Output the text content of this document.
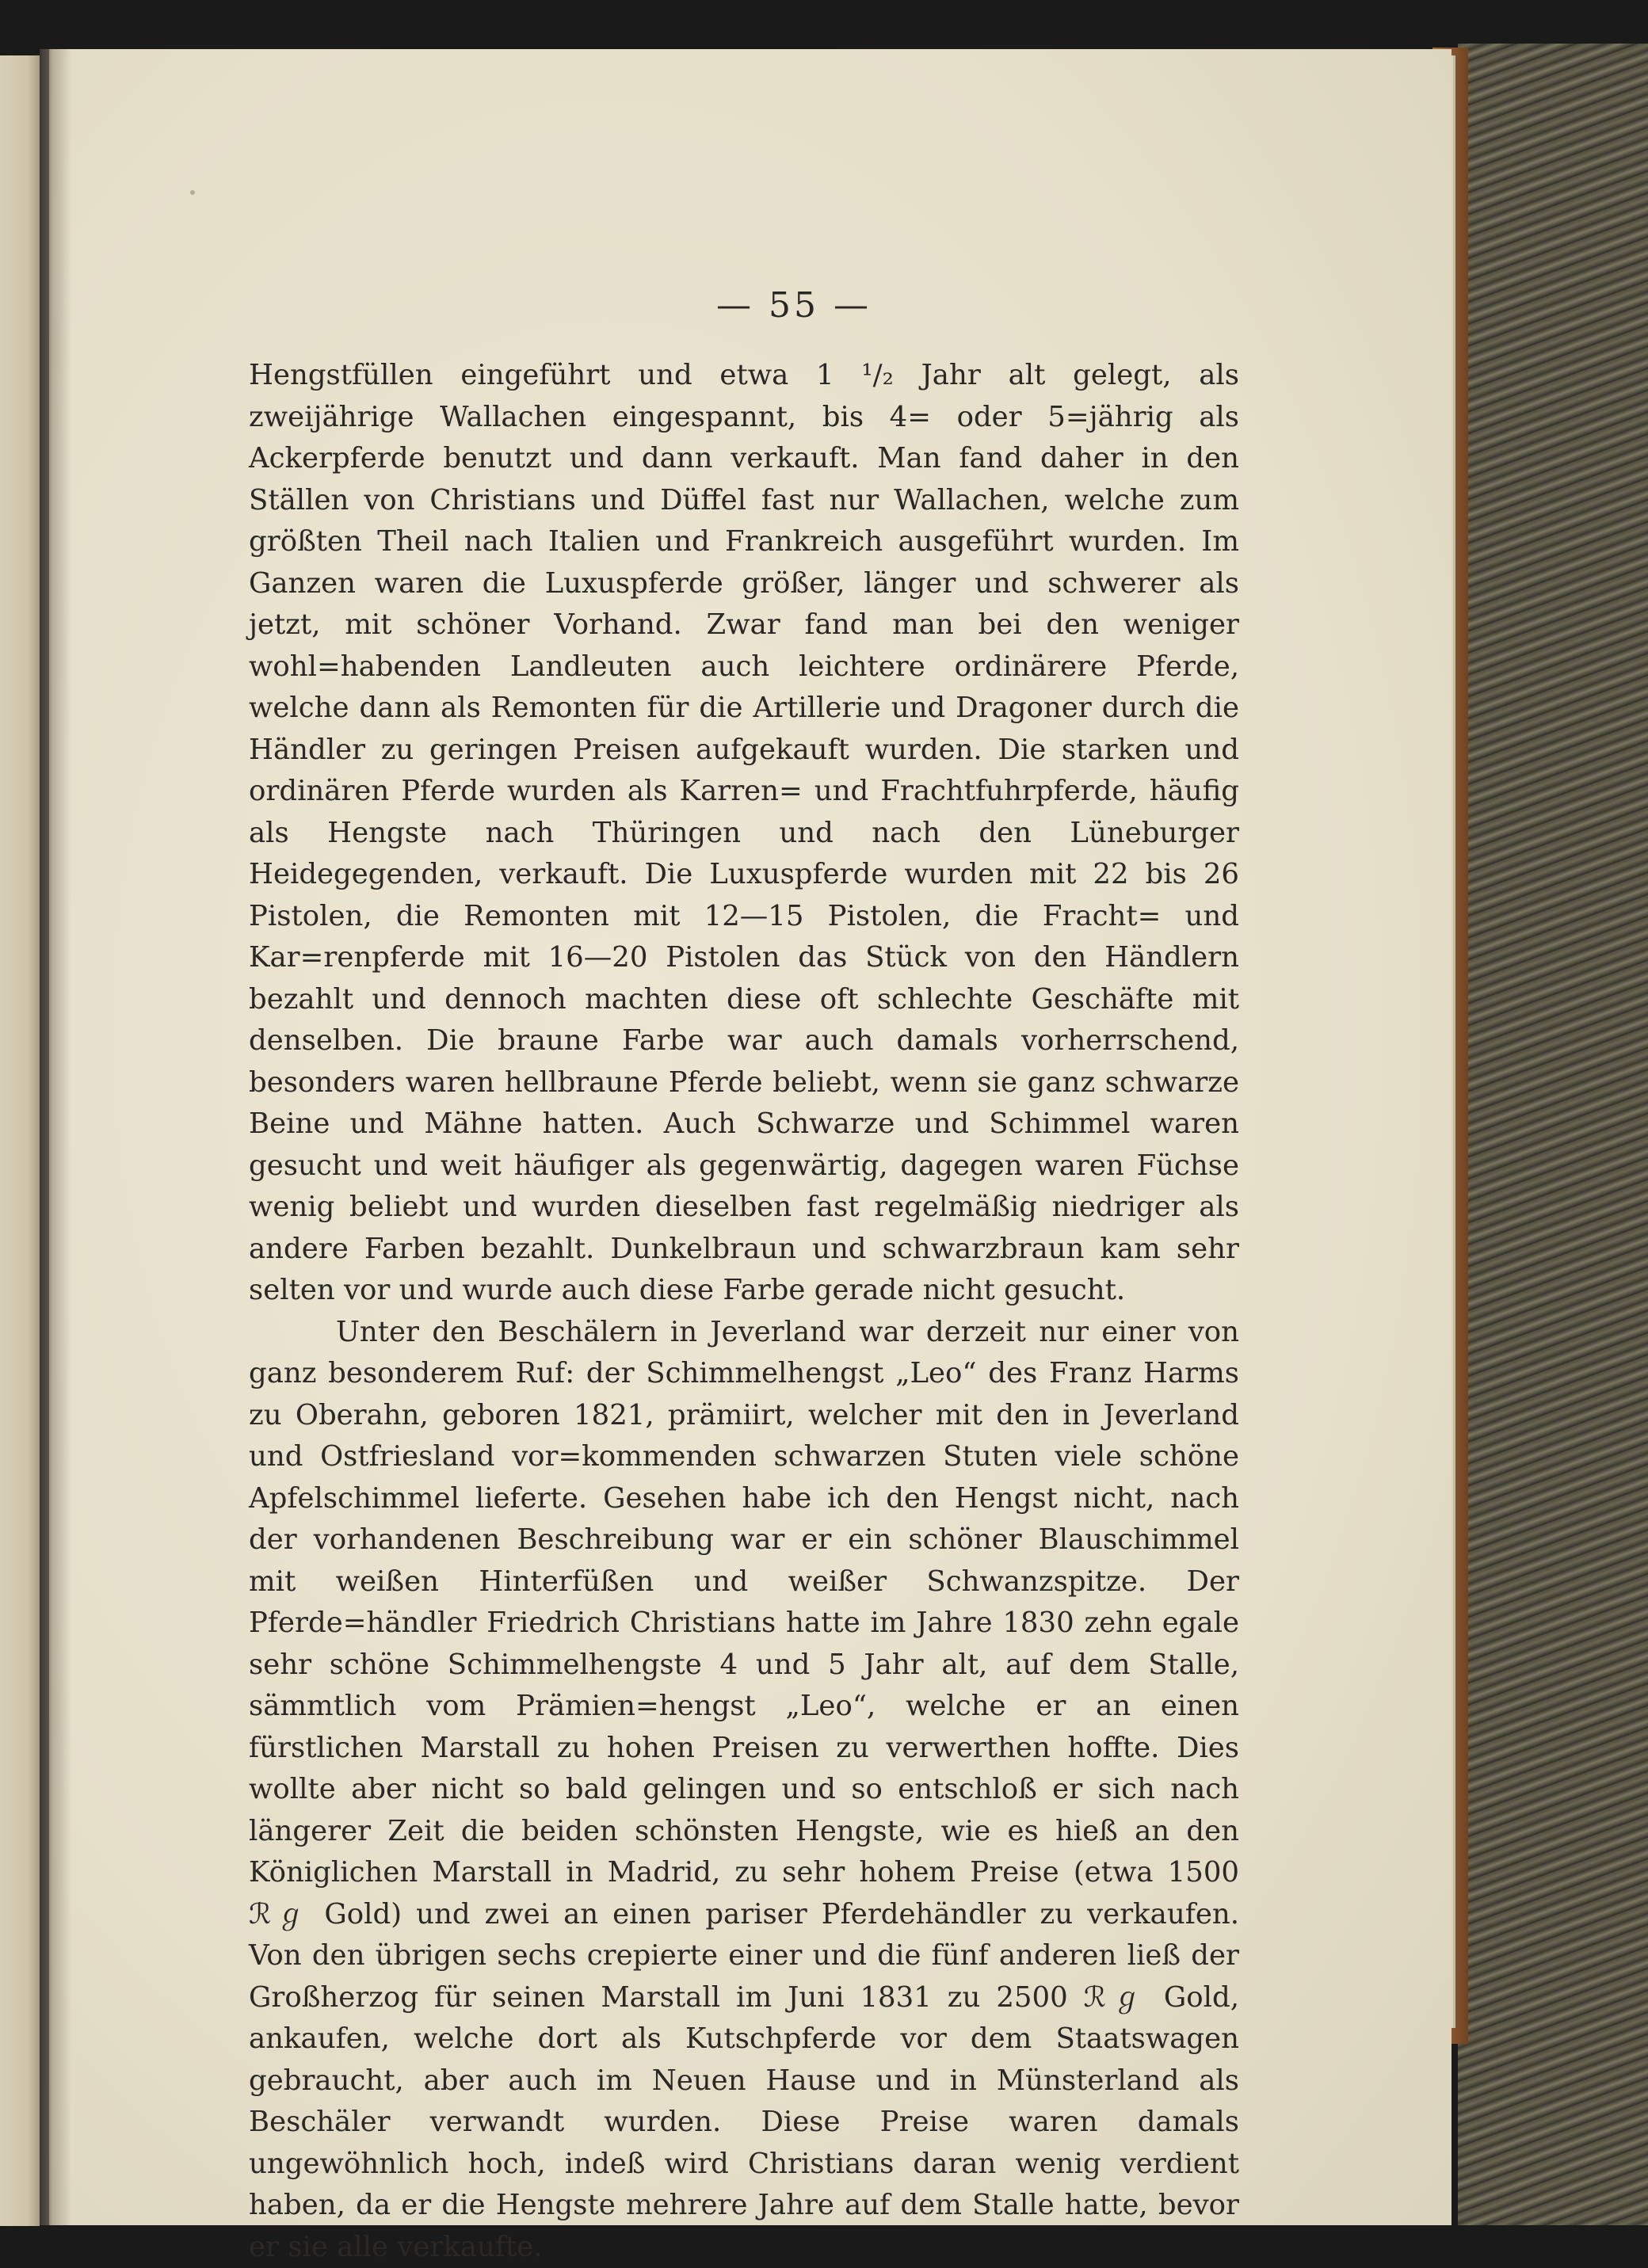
— 55 —

Hengstfüllen eingeführt und etwa 1 ¹/₂ Jahr alt gelegt, als zweijährige Wallachen eingespannt, bis 4= oder 5=jährig als Ackerpferde benutzt und dann verkauft. Man fand daher in den Ställen von Christians und Düffel fast nur Wallachen, welche zum größten Theil nach Italien und Frankreich ausgeführt wurden. Im Ganzen waren die Luxuspferde größer, länger und schwerer als jetzt, mit schöner Vorhand. Zwar fand man bei den weniger wohl=habenden Landleuten auch leichtere ordinärere Pferde, welche dann als Remonten für die Artillerie und Dragoner durch die Händler zu geringen Preisen aufgekauft wurden. Die starken und ordinären Pferde wurden als Karren= und Frachtfuhrpferde, häufig als Hengste nach Thüringen und nach den Lüneburger Heidegegenden, verkauft. Die Luxuspferde wurden mit 22 bis 26 Pistolen, die Remonten mit 12—15 Pistolen, die Fracht= und Kar=renpferde mit 16—20 Pistolen das Stück von den Händlern bezahlt und dennoch machten diese oft schlechte Geschäfte mit denselben. Die braune Farbe war auch damals vorherrschend, besonders waren hellbraune Pferde beliebt, wenn sie ganz schwarze Beine und Mähne hatten. Auch Schwarze und Schimmel waren gesucht und weit häufiger als gegenwärtig, dagegen waren Füchse wenig beliebt und wurden dieselben fast regelmäßig niedriger als andere Farben bezahlt. Dunkelbraun und schwarzbraun kam sehr selten vor und wurde auch diese Farbe gerade nicht gesucht.

Unter den Beschälern in Jeverland war derzeit nur einer von ganz besonderem Ruf: der Schimmelhengst „Leo“ des Franz Harms zu Oberahn, geboren 1821, prämiirt, welcher mit den in Jeverland und Ostfriesland vor=kommenden schwarzen Stuten viele schöne Apfelschimmel lieferte. Gesehen habe ich den Hengst nicht, nach der vorhandenen Beschreibung war er ein schöner Blauschimmel mit weißen Hinterfüßen und weißer Schwanzspitze. Der Pferde=händler Friedrich Christians hatte im Jahre 1830 zehn egale sehr schöne Schimmelhengste 4 und 5 Jahr alt, auf dem Stalle, sämmtlich vom Prämien=hengst „Leo“, welche er an einen fürstlichen Marstall zu hohen Preisen zu verwerthen hoffte. Dies wollte aber nicht so bald gelingen und so entschloß er sich nach längerer Zeit die beiden schönsten Hengste, wie es hieß an den Königlichen Marstall in Madrid, zu sehr hohem Preise (etwa 1500 ℛℊ Gold) und zwei an einen pariser Pferdehändler zu verkaufen. Von den übrigen sechs crepierte einer und die fünf anderen ließ der Großherzog für seinen Marstall im Juni 1831 zu 2500 ℛℊ Gold, ankaufen, welche dort als Kutschpferde vor dem Staatswagen gebraucht, aber auch im Neuen Hause und in Münsterland als Beschäler verwandt wurden. Diese Preise waren damals ungewöhnlich hoch, indeß wird Christians daran wenig verdient haben, da er die Hengste mehrere Jahre auf dem Stalle hatte, bevor er sie alle verkaufte.
